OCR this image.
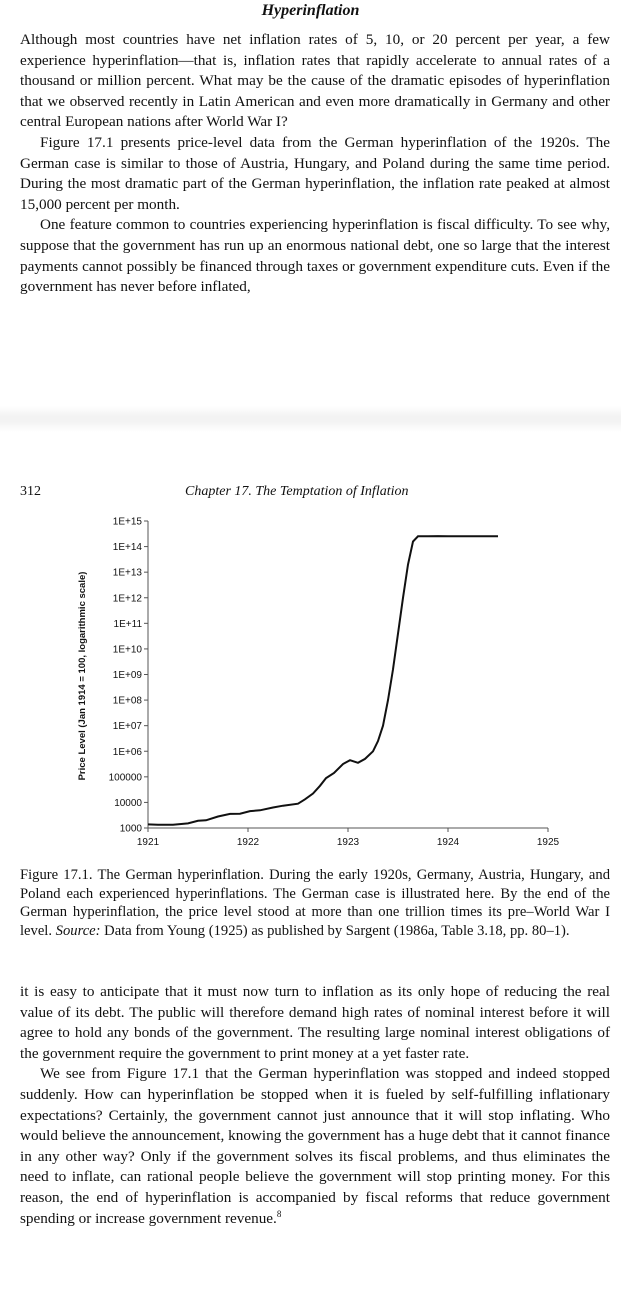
Hyperinflation

Although most countries have net inflation rates of 5, 10, or 20 percent per year, a few experience hyperinflation—that is, inflation rates that rapidly accelerate to annual rates of a thousand or million percent. What may be the cause of the dramatic episodes of hyperinflation that we observed recently in Latin American and even more dramatically in Germany and other central European nations after World War I?

Figure 17.1 presents price-level data from the German hyperinflation of the 1920s. The German case is similar to those of Austria, Hungary, and Poland during the same time period. During the most dramatic part of the German hyperinflation, the inflation rate peaked at almost 15,000 percent per month.

One feature common to countries experiencing hyperinflation is fiscal difficulty. To see why, suppose that the government has run up an enormous national debt, one so large that the interest payments cannot possibly be financed through taxes or government expenditure cuts. Even if the government has never before inflated,

312	Chapter 17. The Temptation of Inflation
1000
10000
100000
1E+06
1E+07
1E+08
1E+09
1E+10
1E+11
1E+12
1E+13
1E+14
1E+15
1921	1922	1923	1924	1925
Price Level (Jan 1914 = 100, logarithmic scale)

Figure 17.1. The German hyperinflation. During the early 1920s, Germany, Austria, Hungary, and Poland each experienced hyperinflations. The German case is illustrated here. By the end of the German hyperinflation, the price level stood at more than one trillion times its pre–World War I level. Source: Data from Young (1925) as published by Sargent (1986a, Table 3.18, pp. 80–1).

it is easy to anticipate that it must now turn to inflation as its only hope of reducing the real value of its debt. The public will therefore demand high rates of nominal interest before it will agree to hold any bonds of the government. The resulting large nominal interest obligations of the government require the government to print money at a yet faster rate.

We see from Figure 17.1 that the German hyperinflation was stopped and indeed stopped suddenly. How can hyperinflation be stopped when it is fueled by self-fulfilling inflationary expectations? Certainly, the government cannot just announce that it will stop inflating. Who would believe the announcement, knowing the government has a huge debt that it cannot finance in any other way? Only if the government solves its fiscal problems, and thus eliminates the need to inflate, can rational people believe the government will stop printing money. For this reason, the end of hyperinflation is accompanied by fiscal reforms that reduce government spending or increase government revenue.$^8$
